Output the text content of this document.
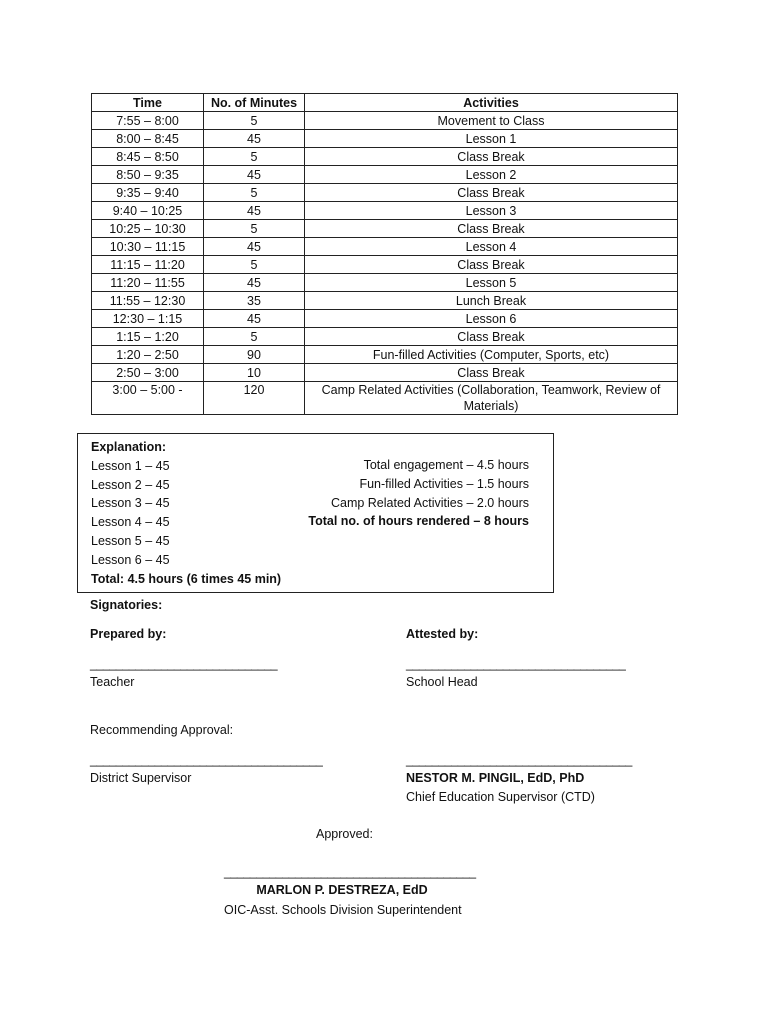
Time	No. of Minutes	Activities
7:55 – 8:00	5	Movement to Class
8:00 – 8:45	45	Lesson 1
8:45 – 8:50	5	Class Break
8:50 – 9:35	45	Lesson 2
9:35 – 9:40	5	Class Break
9:40 – 10:25	45	Lesson 3
10:25 – 10:30	5	Class Break
10:30 – 11:15	45	Lesson 4
11:15 – 11:20	5	Class Break
11:20 – 11:55	45	Lesson 5
11:55 – 12:30	35	Lunch Break
12:30 – 1:15	45	Lesson 6
1:15 – 1:20	5	Class Break
1:20 – 2:50	90	Fun-filled Activities (Computer, Sports, etc)
2:50 – 3:00	10	Class Break
3:00 – 5:00 -	120	Camp Related Activities (Collaboration, Teamwork, Review of Materials)
Explanation:
Lesson 1 – 45
Lesson 2 – 45
Lesson 3 – 45
Lesson 4 – 45
Lesson 5 – 45
Lesson 6 – 45
Total: 4.5 hours (6 times 45 min)
Total engagement – 4.5 hours
Fun-filled Activities – 1.5 hours
Camp Related Activities – 2.0 hours
Total no. of hours rendered – 8 hours
Signatories:
Prepared by:
_____________________________
Teacher
Attested by:
__________________________________
School Head
Recommending Approval:
____________________________________
District Supervisor
___________________________________
NESTOR M. PINGIL, EdD, PhD
Chief Education Supervisor (CTD)
Approved:
_______________________________________
MARLON P. DESTREZA, EdD
OIC-Asst. Schools Division Superintendent
